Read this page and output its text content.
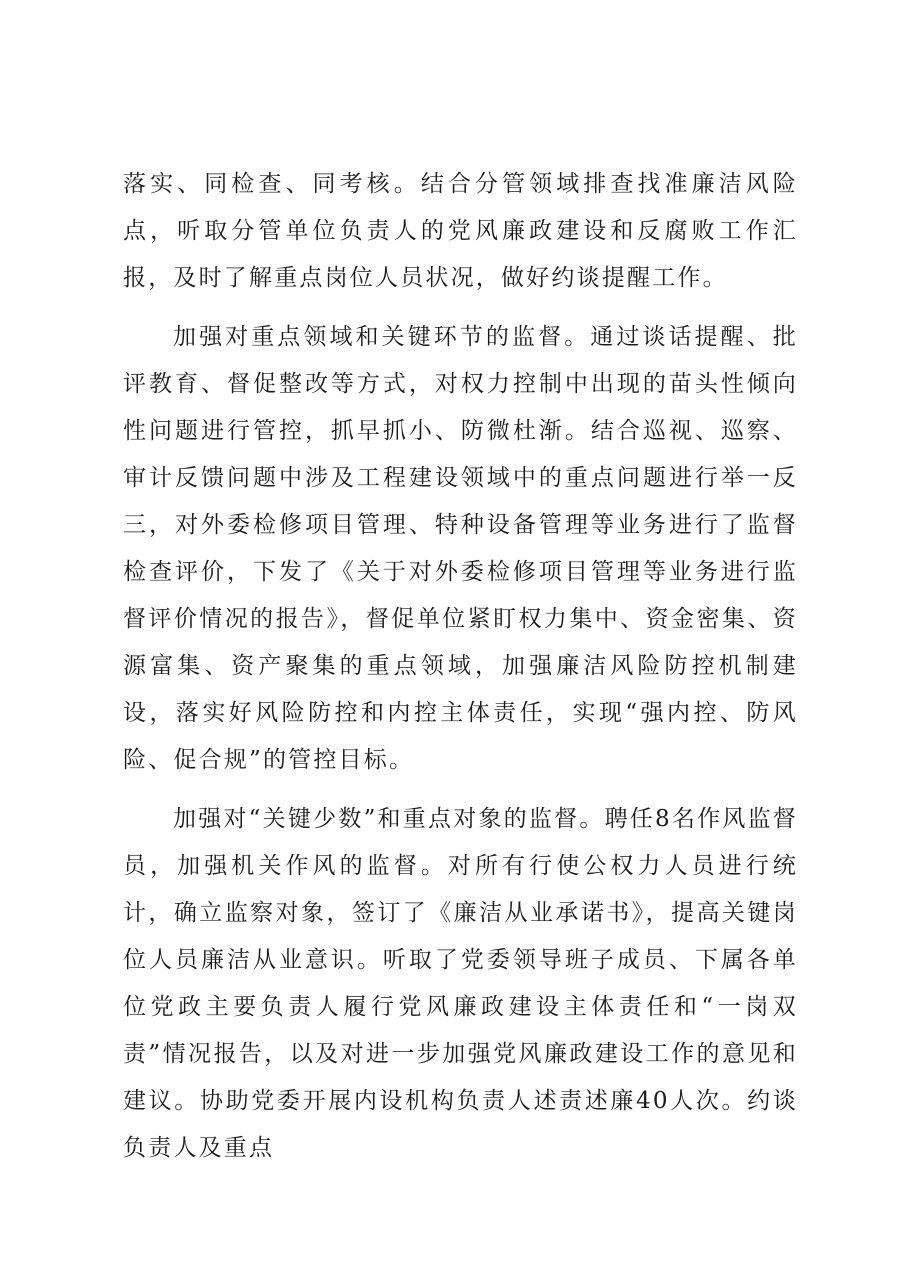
落实、同检查、同考核。结合分管领域排查找准廉洁风险点，听取分管单位负责人的党风廉政建设和反腐败工作汇报，及时了解重点岗位人员状况，做好约谈提醒工作。

加强对重点领域和关键环节的监督。通过谈话提醒、批评教育、督促整改等方式，对权力控制中出现的苗头性倾向性问题进行管控，抓早抓小、防微杜渐。结合巡视、巡察、审计反馈问题中涉及工程建设领域中的重点问题进行举一反三，对外委检修项目管理、特种设备管理等业务进行了监督检查评价，下发了《关于对外委检修项目管理等业务进行监督评价情况的报告》，督促单位紧盯权力集中、资金密集、资源富集、资产聚集的重点领域，加强廉洁风险防控机制建设，落实好风险防控和内控主体责任，实现“强内控、防风险、促合规”的管控目标。

加强对“关键少数”和重点对象的监督。聘任8名作风监督员，加强机关作风的监督。对所有行使公权力人员进行统计，确立监察对象，签订了《廉洁从业承诺书》，提高关键岗位人员廉洁从业意识。听取了党委领导班子成员、下属各单位党政主要负责人履行党风廉政建设主体责任和“一岗双责”情况报告，以及对进一步加强党风廉政建设工作的意见和建议。协助党委开展内设机构负责人述责述廉40人次。约谈负责人及重点
